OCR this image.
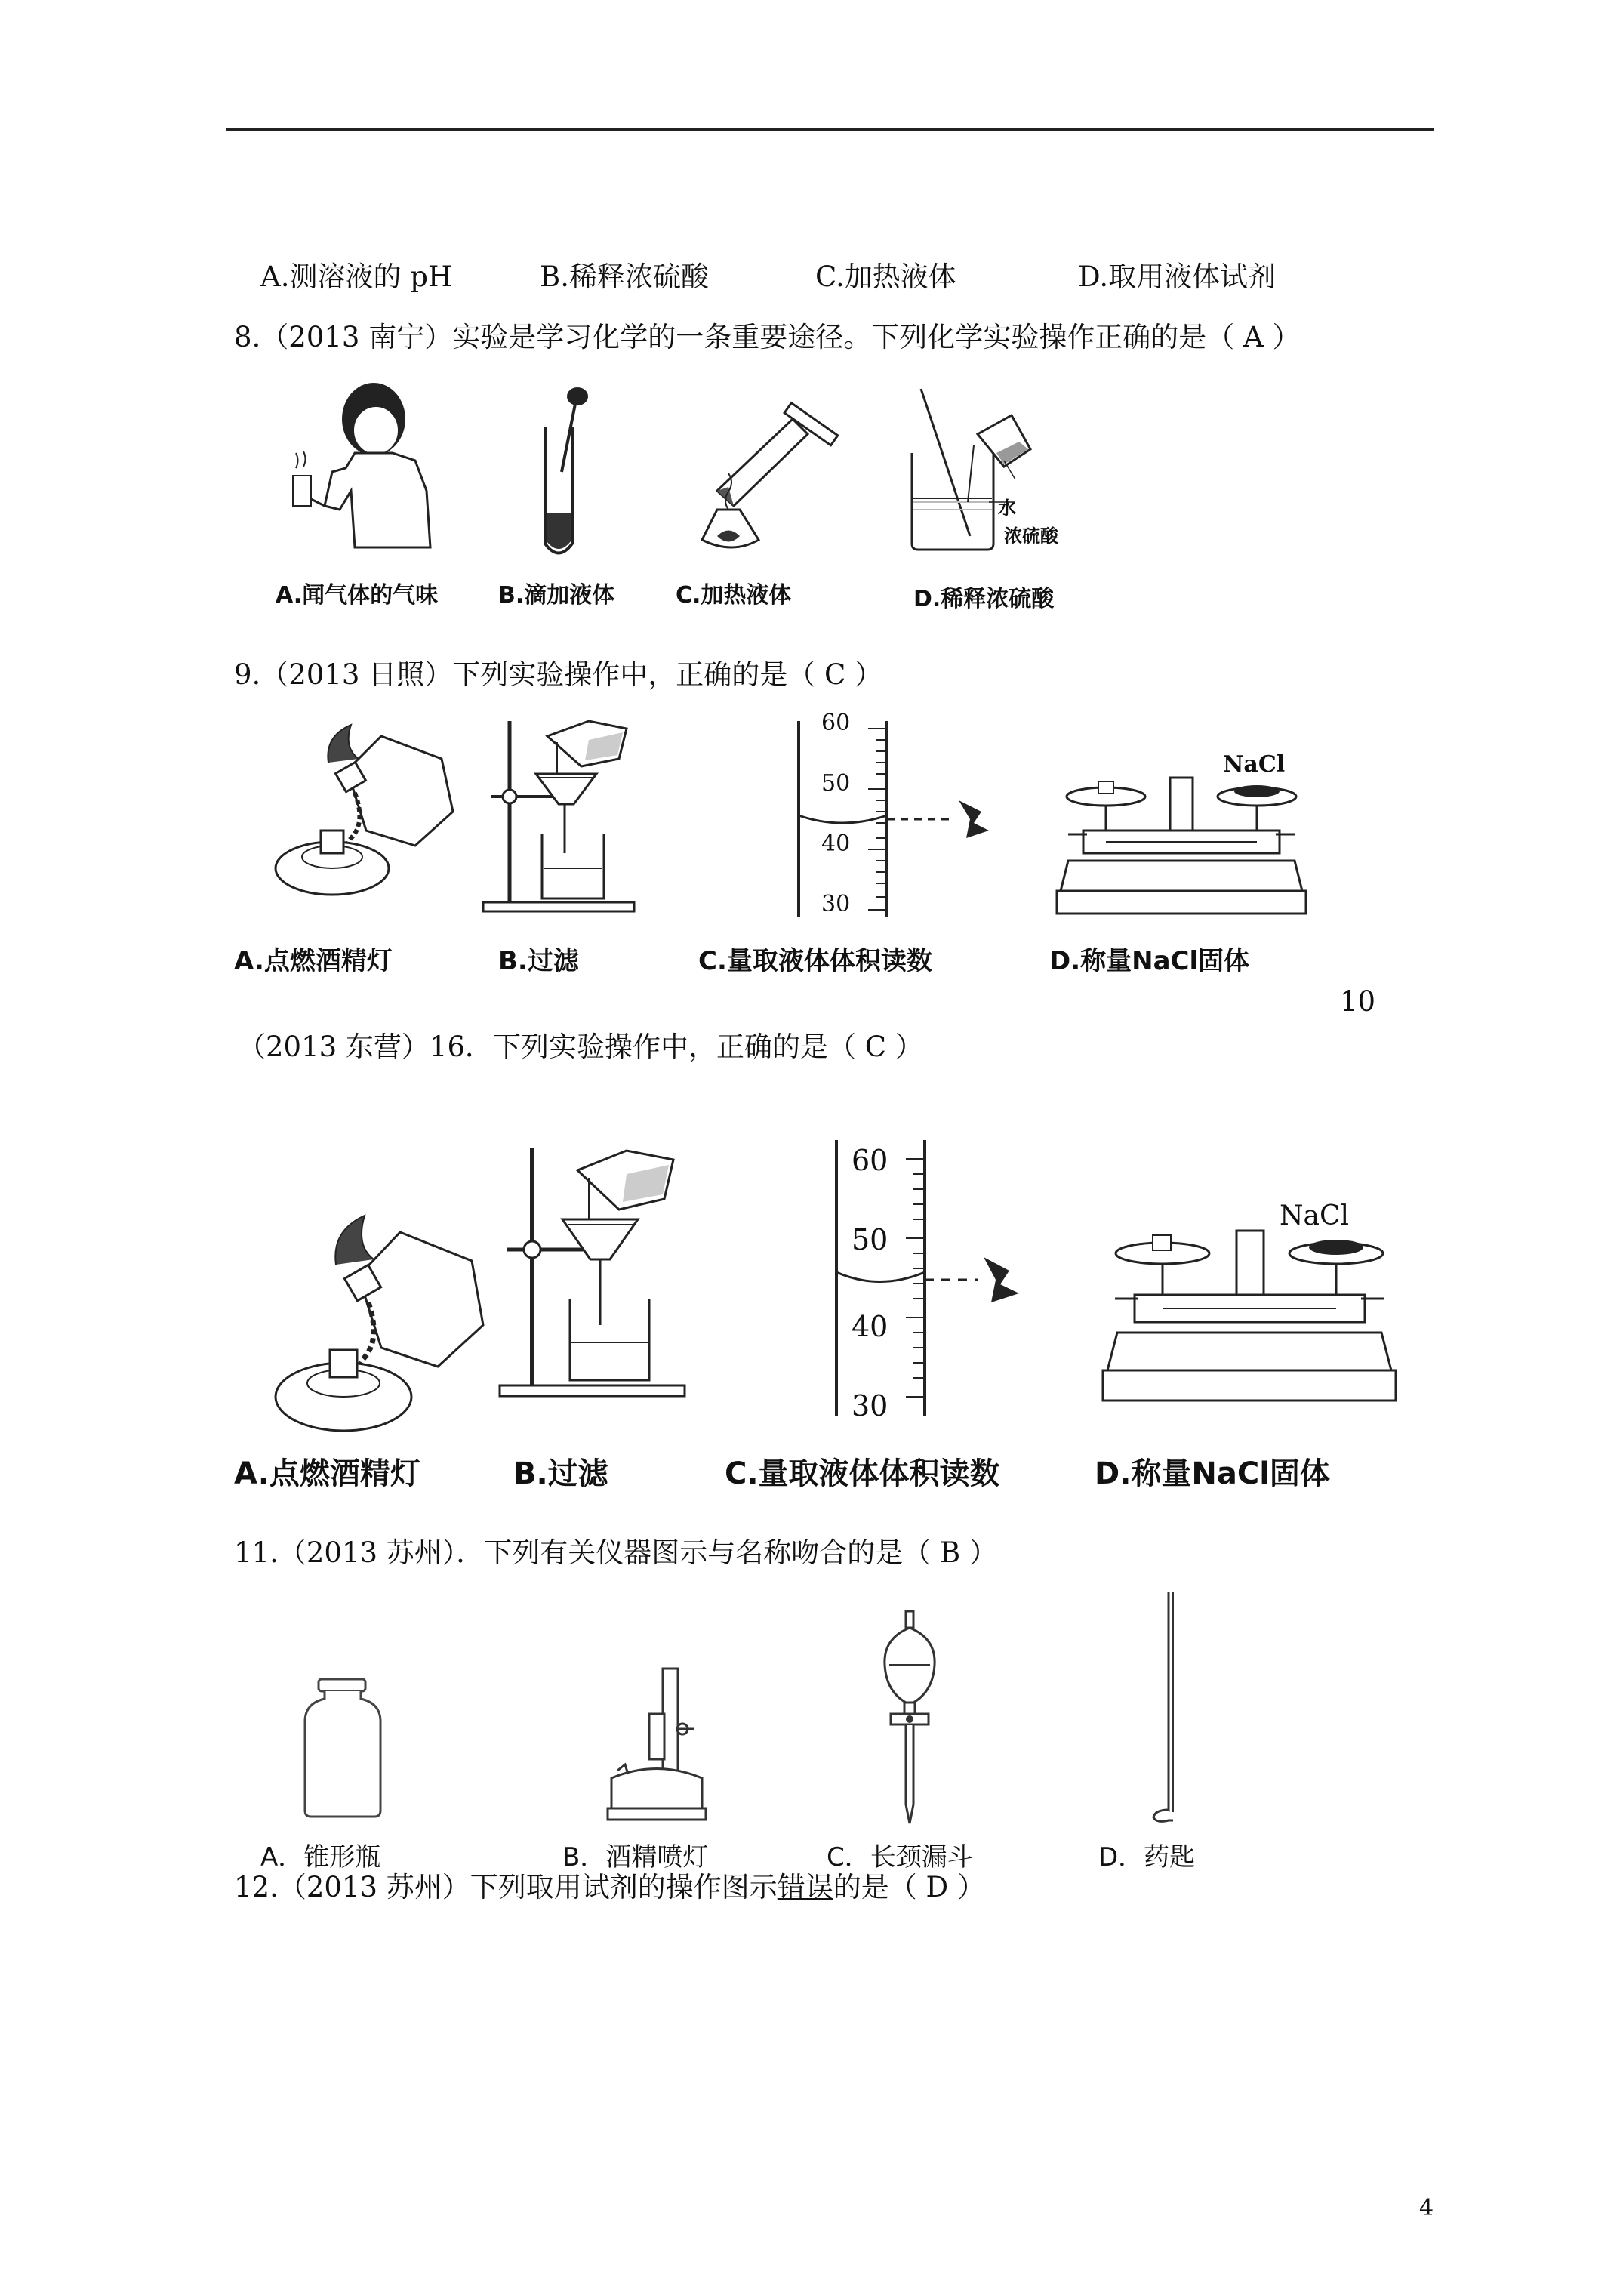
A.测溶液的 pH	B.稀释浓硫酸	C.加热液体	D.取用液体试剂
8.（2013 南宁）实验是学习化学的一条重要途径。下列化学实验操作正确的是（ A ）
水
浓硫酸
A.闻气体的气味	B.滴加液体	C.加热液体	D.稀释浓硫酸
9.（2013 日照）下列实验操作中，正确的是（ C ）
60
50
40
30
NaCl
A.点燃酒精灯	B.过滤	C.量取液体体积读数	D.称量NaCl固体
10
（2013 东营）16．下列实验操作中，正确的是（ C ）
60
50
40
30
NaCl
A.点燃酒精灯	B.过滤	C.量取液体体积读数	D.称量NaCl固体
11.（2013 苏州）．下列有关仪器图示与名称吻合的是（ B ）
A．锥形瓶	B．酒精喷灯	C．长颈漏斗	D．药匙
12.（2013 苏州）下列取用试剂的操作图示错误的是（ D ）
4
